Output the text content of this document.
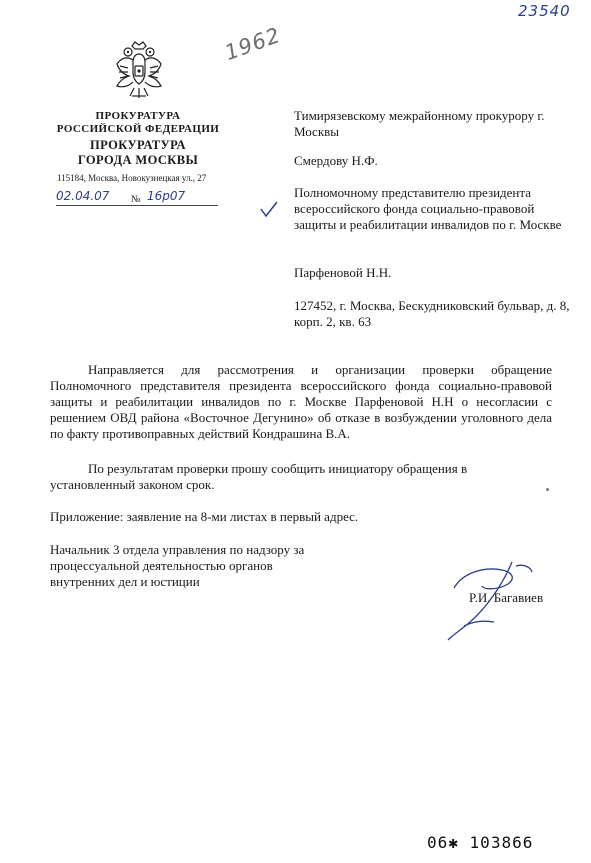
23540
1962
ПРОКУРАТУРА
РОССИЙСКОЙ ФЕДЕРАЦИИ
ПРОКУРАТУРА
ГОРОДА МОСКВЫ
115184, Москва, Новокузнецкая ул., 27
02.04.07 № 16р07
Тимирязевскому межрайонному прокурору г. Москвы
Смердову Н.Ф.
Полномочному представителю президента всероссийского фонда социально-правовой защиты и реабилитации инвалидов по г. Москве
Парфеновой Н.Н.
127452, г. Москва, Бескудниковский бульвар, д. 8, корп. 2, кв. 63
Направляется для рассмотрения и организации проверки обращение Полномочного представителя президента всероссийского фонда социально-правовой защиты и реабилитации инвалидов по г. Москве Парфеновой Н.Н о несогласии с решением ОВД района «Восточное Дегунино» об отказе в возбуждении уголовного дела по факту противоправных действий Кондрашина В.А.
По результатам проверки прошу сообщить инициатору обращения в установленный законом срок.
Приложение: заявление на 8-ми листах в первый адрес.
Начальник 3 отдела управления по надзору за процессуальной деятельностью органов внутренних дел и юстиции
Р.И. Багавиев
06✱ 103866
